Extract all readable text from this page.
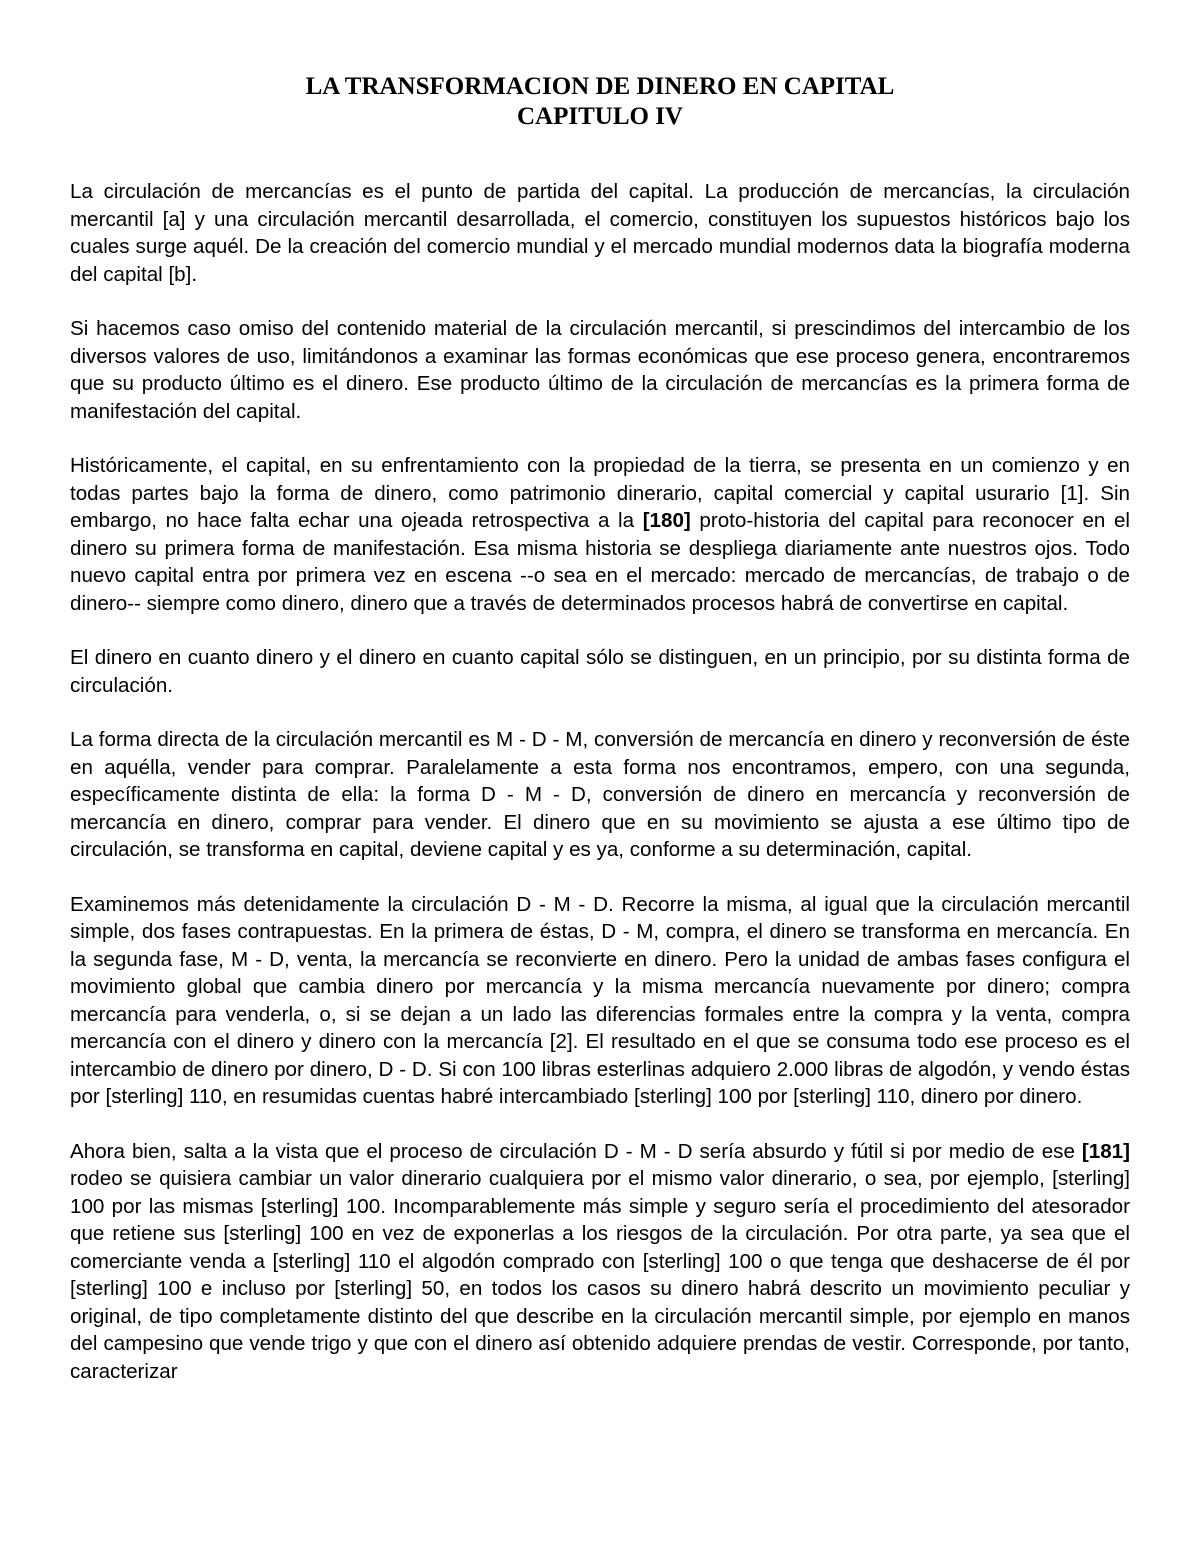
LA TRANSFORMACION DE DINERO EN CAPITAL
CAPITULO IV

La circulación de mercancías es el punto de partida del capital. La producción de mercancías, la circulación mercantil [a] y una circulación mercantil desarrollada, el comercio, constituyen los supuestos históricos bajo los cuales surge aquél. De la creación del comercio mundial y el mercado mundial modernos data la biografía moderna del capital [b].

Si hacemos caso omiso del contenido material de la circulación mercantil, si prescindimos del intercambio de los diversos valores de uso, limitándonos a examinar las formas económicas que ese proceso genera, encontraremos que su producto último es el dinero. Ese producto último de la circulación de mercancías es la primera forma de manifestación del capital.

Históricamente, el capital, en su enfrentamiento con la propiedad de la tierra, se presenta en un comienzo y en todas partes bajo la forma de dinero, como patrimonio dinerario, capital comercial y capital usurario [1]. Sin embargo, no hace falta echar una ojeada retrospectiva a la [180] proto-historia del capital para reconocer en el dinero su primera forma de manifestación. Esa misma historia se despliega diariamente ante nuestros ojos. Todo nuevo capital entra por primera vez en escena --o sea en el mercado: mercado de mercancías, de trabajo o de dinero-- siempre como dinero, dinero que a través de determinados procesos habrá de convertirse en capital.

El dinero en cuanto dinero y el dinero en cuanto capital sólo se distinguen, en un principio, por su distinta forma de circulación.

La forma directa de la circulación mercantil es M - D - M, conversión de mercancía en dinero y reconversión de éste en aquélla, vender para comprar. Paralelamente a esta forma nos encontramos, empero, con una segunda, específicamente distinta de ella: la forma D - M - D, conversión de dinero en mercancía y reconversión de mercancía en dinero, comprar para vender. El dinero que en su movimiento se ajusta a ese último tipo de circulación, se transforma en capital, deviene capital y es ya, conforme a su determinación, capital.

Examinemos más detenidamente la circulación D - M - D. Recorre la misma, al igual que la circulación mercantil simple, dos fases contrapuestas. En la primera de éstas, D - M, compra, el dinero se transforma en mercancía. En la segunda fase, M - D, venta, la mercancía se reconvierte en dinero. Pero la unidad de ambas fases configura el movimiento global que cambia dinero por mercancía y la misma mercancía nuevamente por dinero; compra mercancía para venderla, o, si se dejan a un lado las diferencias formales entre la compra y la venta, compra mercancía con el dinero y dinero con la mercancía [2]. El resultado en el que se consuma todo ese proceso es el intercambio de dinero por dinero, D - D. Si con 100 libras esterlinas adquiero 2.000 libras de algodón, y vendo éstas por [sterling] 110, en resumidas cuentas habré intercambiado [sterling] 100 por [sterling] 110, dinero por dinero.

Ahora bien, salta a la vista que el proceso de circulación D - M - D sería absurdo y fútil si por medio de ese [181] rodeo se quisiera cambiar un valor dinerario cualquiera por el mismo valor dinerario, o sea, por ejemplo, [sterling] 100 por las mismas [sterling] 100. Incomparablemente más simple y seguro sería el procedimiento del atesorador que retiene sus [sterling] 100 en vez de exponerlas a los riesgos de la circulación. Por otra parte, ya sea que el comerciante venda a [sterling] 110 el algodón comprado con [sterling] 100 o que tenga que deshacerse de él por [sterling] 100 e incluso por [sterling] 50, en todos los casos su dinero habrá descrito un movimiento peculiar y original, de tipo completamente distinto del que describe en la circulación mercantil simple, por ejemplo en manos del campesino que vende trigo y que con el dinero así obtenido adquiere prendas de vestir. Corresponde, por tanto, caracterizar
